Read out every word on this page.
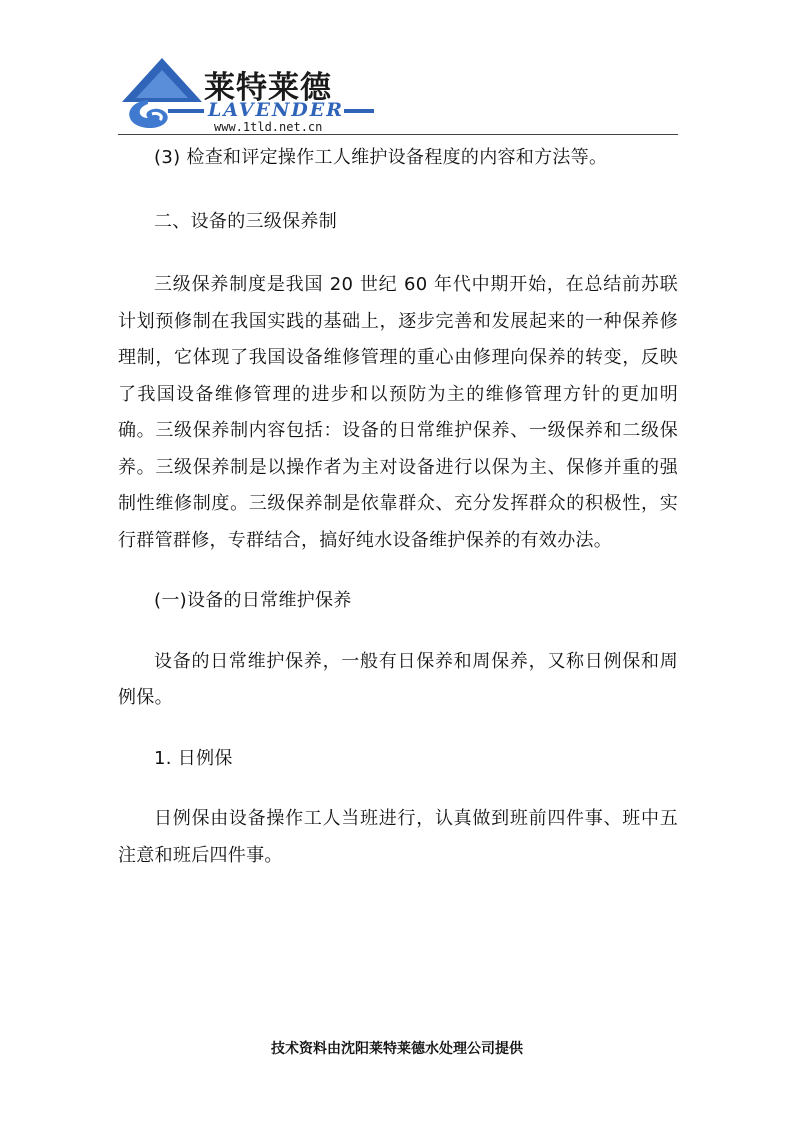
莱特莱德
LAVENDER
www.1tld.net.cn

(3) 检查和评定操作工人维护设备程度的内容和方法等。

二、设备的三级保养制

三级保养制度是我国 20 世纪 60 年代中期开始，在总结前苏联计划预修制在我国实践的基础上，逐步完善和发展起来的一种保养修理制，它体现了我国设备维修管理的重心由修理向保养的转变，反映了我国设备维修管理的进步和以预防为主的维修管理方针的更加明确。三级保养制内容包括：设备的日常维护保养、一级保养和二级保养。三级保养制是以操作者为主对设备进行以保为主、保修并重的强制性维修制度。三级保养制是依靠群众、充分发挥群众的积极性，实行群管群修，专群结合，搞好纯水设备维护保养的有效办法。

(一)设备的日常维护保养

设备的日常维护保养，一般有日保养和周保养，又称日例保和周例保。

1. 日例保

日例保由设备操作工人当班进行，认真做到班前四件事、班中五注意和班后四件事。

技术资料由沈阳莱特莱德水处理公司提供
